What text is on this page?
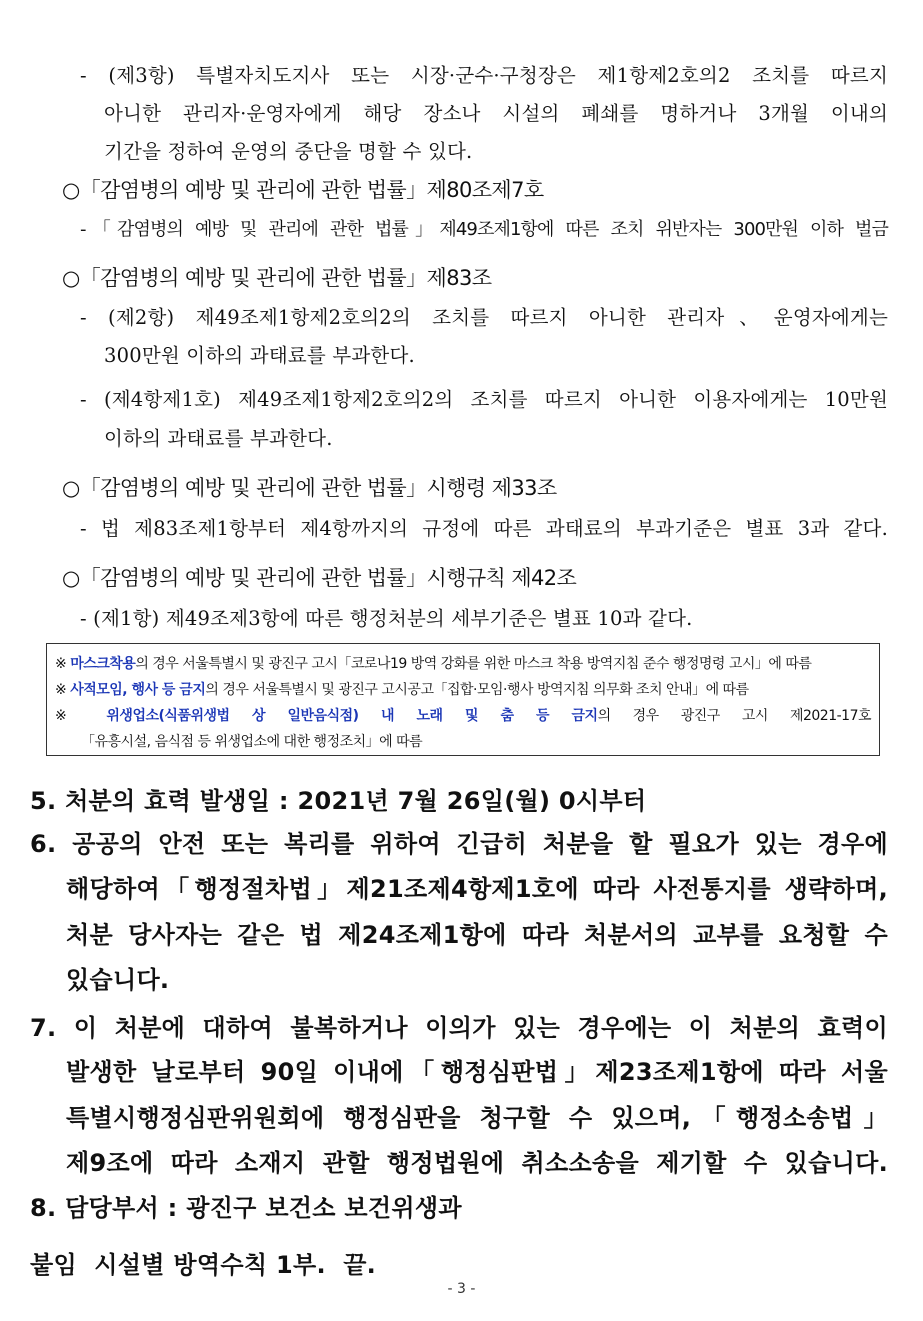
- (제3항) 특별자치도지사 또는 시장·군수·구청장은 제1항제2호의2 조치를 따르지
아니한 관리자·운영자에게 해당 장소나 시설의 폐쇄를 명하거나 3개월 이내의
기간을 정하여 운영의 중단을 명할 수 있다.
○「감염병의 예방 및 관리에 관한 법률」제80조제7호
-「감염병의 예방 및 관리에 관한 법률」제49조제1항에 따른 조치 위반자는 300만원 이하 벌금
○「감염병의 예방 및 관리에 관한 법률」제83조
- (제2항) 제49조제1항제2호의2의 조치를 따르지 아니한 관리자、운영자에게는
300만원 이하의 과태료를 부과한다.
- (제4항제1호) 제49조제1항제2호의2의 조치를 따르지 아니한 이용자에게는 10만원
이하의 과태료를 부과한다.
○「감염병의 예방 및 관리에 관한 법률」시행령 제33조
- 법 제83조제1항부터 제4항까지의 규정에 따른 과태료의 부과기준은 별표 3과 같다.
○「감염병의 예방 및 관리에 관한 법률」시행규칙 제42조
- (제1항) 제49조제3항에 따른 행정처분의 세부기준은 별표 10과 같다.
※ 마스크착용의 경우 서울특별시 및 광진구 고시「코로나19 방역 강화를 위한 마스크 착용 방역지침 준수 행정명령 고시」에 따름
※ 사적모임, 행사 등 금지의 경우 서울특별시 및 광진구 고시공고「집합·모임·행사 방역지침 의무화 조치 안내」에 따름
※ 위생업소(식품위생법 상 일반음식점) 내 노래 및 춤 등 금지의 경우 광진구 고시 제2021-17호
「유흥시설, 음식점 등 위생업소에 대한 행정조치」에 따름
5. 처분의 효력 발생일 : 2021년 7월 26일(월) 0시부터
6. 공공의 안전 또는 복리를 위하여 긴급히 처분을 할 필요가 있는 경우에
해당하여「행정절차법」제21조제4항제1호에 따라 사전통지를 생략하며,
처분 당사자는 같은 법 제24조제1항에 따라 처분서의 교부를 요청할 수
있습니다.
7. 이 처분에 대하여 불복하거나 이의가 있는 경우에는 이 처분의 효력이
발생한 날로부터 90일 이내에「행정심판법」제23조제1항에 따라 서울
특별시행정심판위원회에 행정심판을 청구할 수 있으며,「행정소송법」
제9조에 따라 소재지 관할 행정법원에 취소소송을 제기할 수 있습니다.
8. 담당부서 : 광진구 보건소 보건위생과
붙임  시설별 방역수칙 1부.  끝.
- 3 -
